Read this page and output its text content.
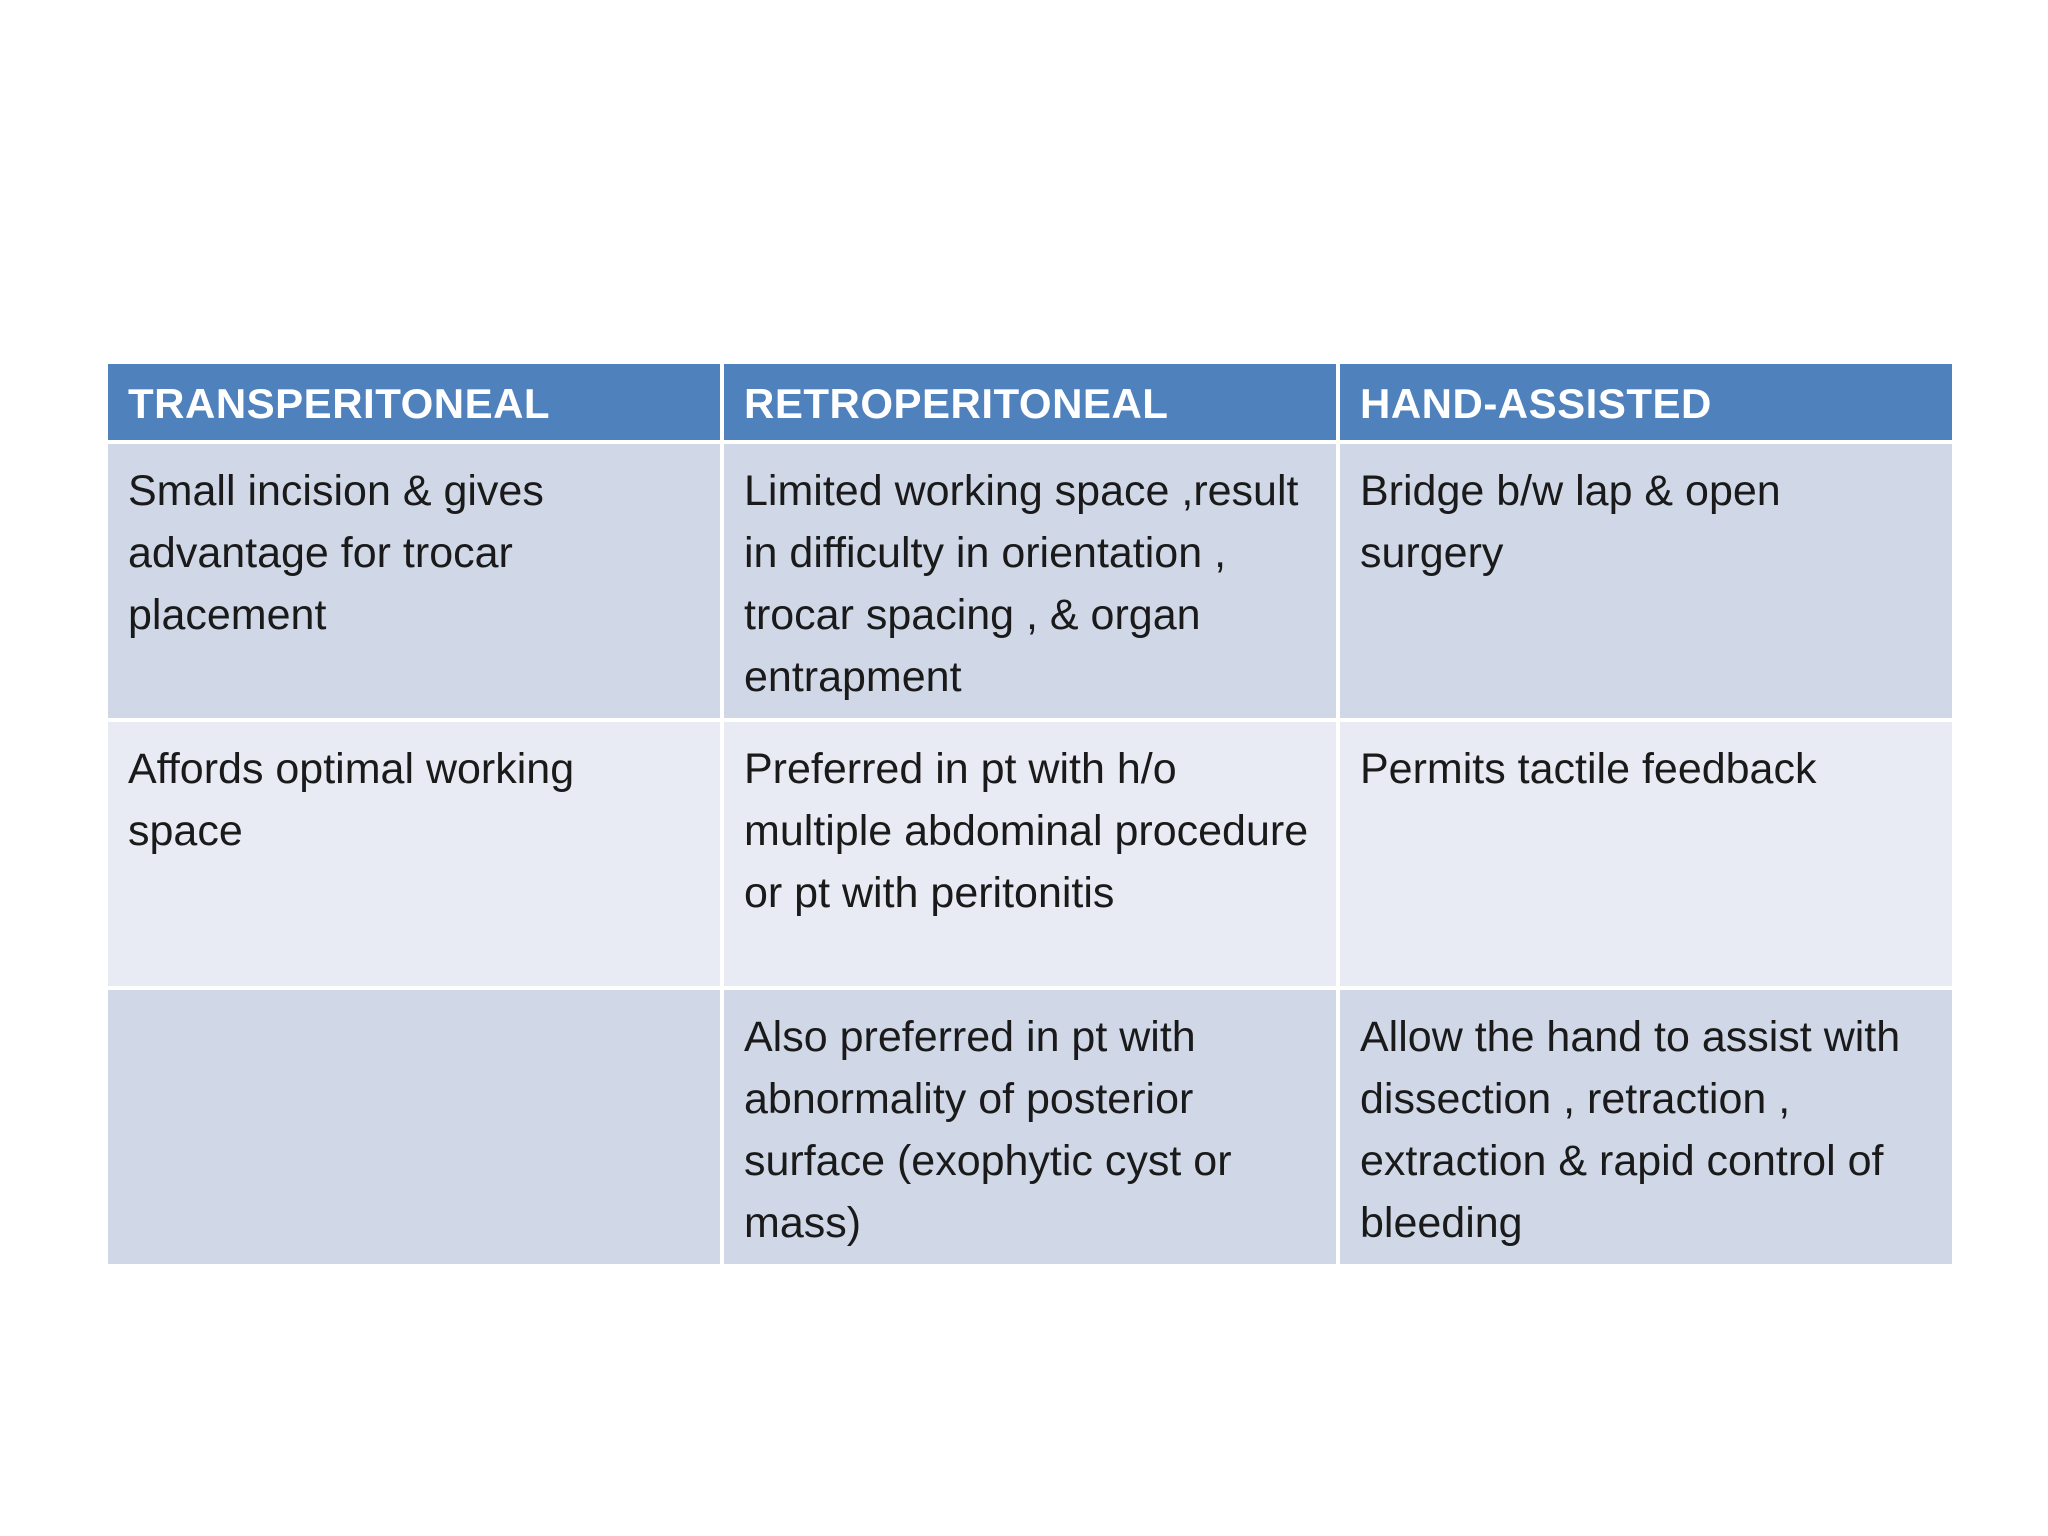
TRANSPERITONEAL	RETROPERITONEAL	HAND-ASSISTED
Small incision & gives advantage for trocar placement	Limited working space ,result in difficulty in orientation , trocar spacing , & organ entrapment	Bridge b/w lap & open surgery
Affords optimal working space	Preferred in pt with h/o multiple abdominal procedure or pt with peritonitis	Permits tactile feedback
	Also preferred in pt with abnormality of posterior surface (exophytic cyst or mass)	Allow the hand to assist with dissection , retraction , extraction & rapid control of bleeding
